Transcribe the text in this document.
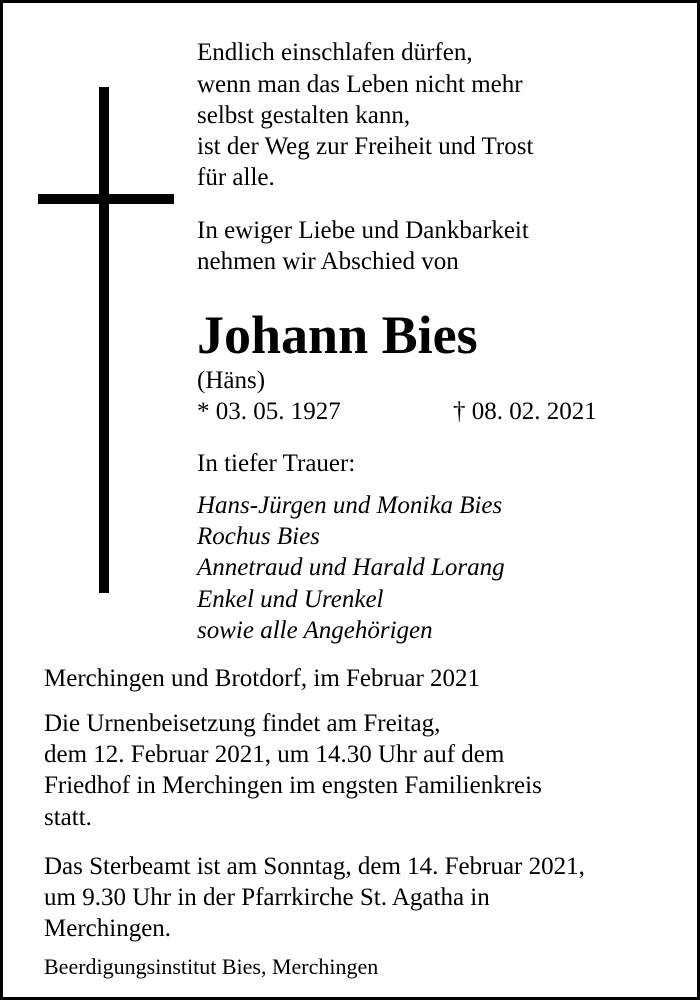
Endlich einschlafen dürfen,

wenn man das Leben nicht mehr

selbst gestalten kann,

ist der Weg zur Freiheit und Trost

für alle.

In ewiger Liebe und Dankbarkeit

nehmen wir Abschied von

Johann Bies

(Häns)

* 03. 05. 1927	† 08. 02. 2021

In tiefer Trauer:

Hans-Jürgen und Monika Bies

Rochus Bies

Annetraud und Harald Lorang

Enkel und Urenkel

sowie alle Angehörigen

Merchingen und Brotdorf, im Februar 2021

Die Urnenbeisetzung findet am Freitag,

dem 12. Februar 2021, um 14.30 Uhr auf dem

Friedhof in Merchingen im engsten Familienkreis

statt.

Das Sterbeamt ist am Sonntag, dem 14. Februar 2021,

um 9.30 Uhr in der Pfarrkirche St. Agatha in

Merchingen.

Beerdigungsinstitut Bies, Merchingen
